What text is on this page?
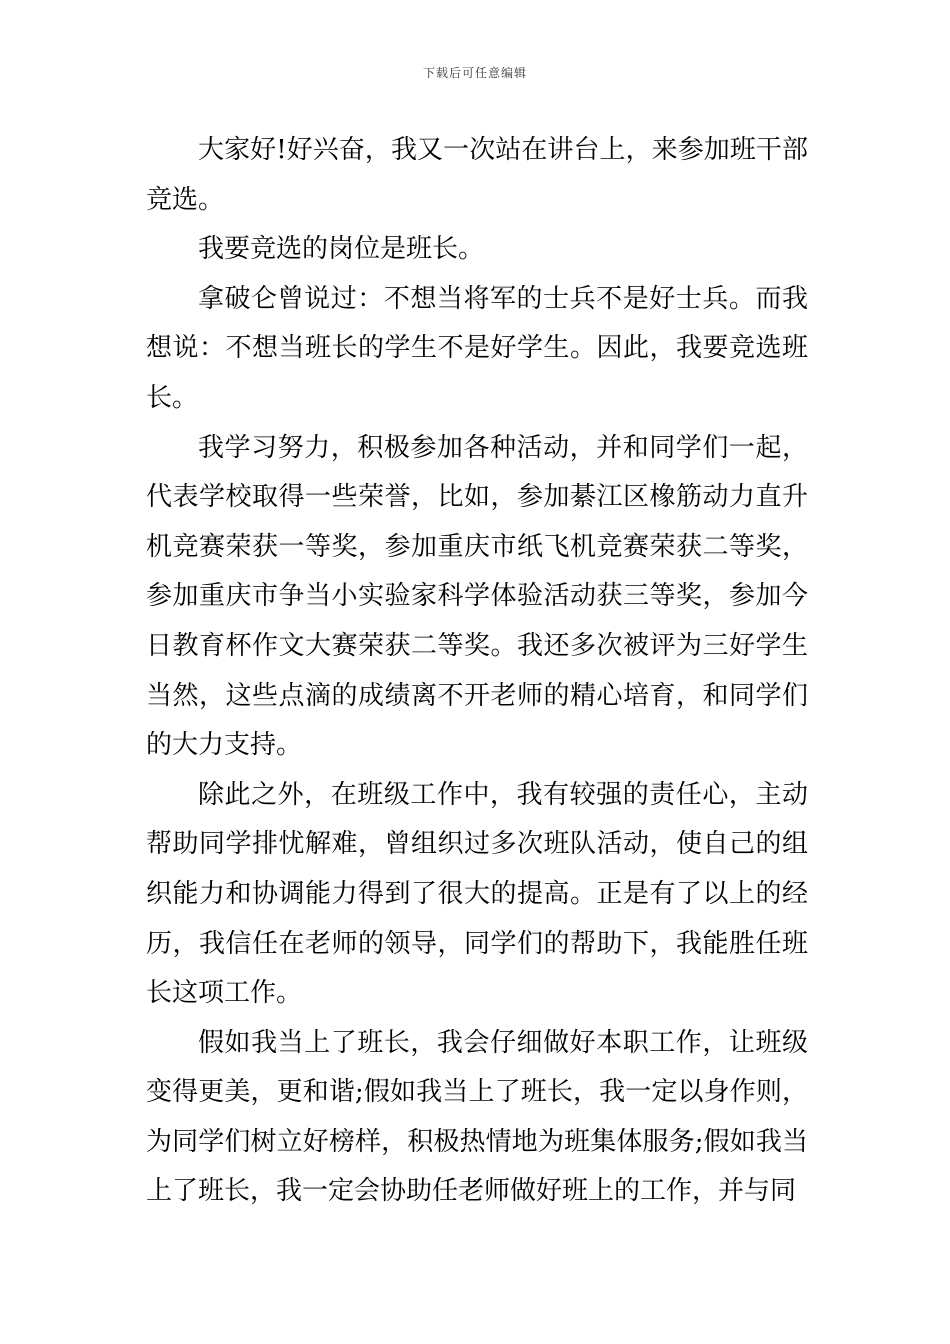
下载后可任意编辑

大家好!好兴奋，我又一次站在讲台上，来参加班干部竞选。

我要竞选的岗位是班长。

拿破仑曾说过：不想当将军的士兵不是好士兵。而我想说：不想当班长的学生不是好学生。因此，我要竞选班长。

我学习努力，积极参加各种活动，并和同学们一起，代表学校取得一些荣誉，比如，参加綦江区橡筋动力直升机竞赛荣获一等奖，参加重庆市纸飞机竞赛荣获二等奖，参加重庆市争当小实验家科学体验活动获三等奖，参加今日教育杯作文大赛荣获二等奖。我还多次被评为三好学生当然，这些点滴的成绩离不开老师的精心培育，和同学们的大力支持。

除此之外，在班级工作中，我有较强的责任心，主动帮助同学排忧解难，曾组织过多次班队活动，使自己的组织能力和协调能力得到了很大的提高。正是有了以上的经历，我信任在老师的领导，同学们的帮助下，我能胜任班长这项工作。

假如我当上了班长，我会仔细做好本职工作，让班级变得更美，更和谐;假如我当上了班长，我一定以身作则，为同学们树立好榜样，积极热情地为班集体服务;假如我当上了班长，我一定会协助任老师做好班上的工作，并与同
